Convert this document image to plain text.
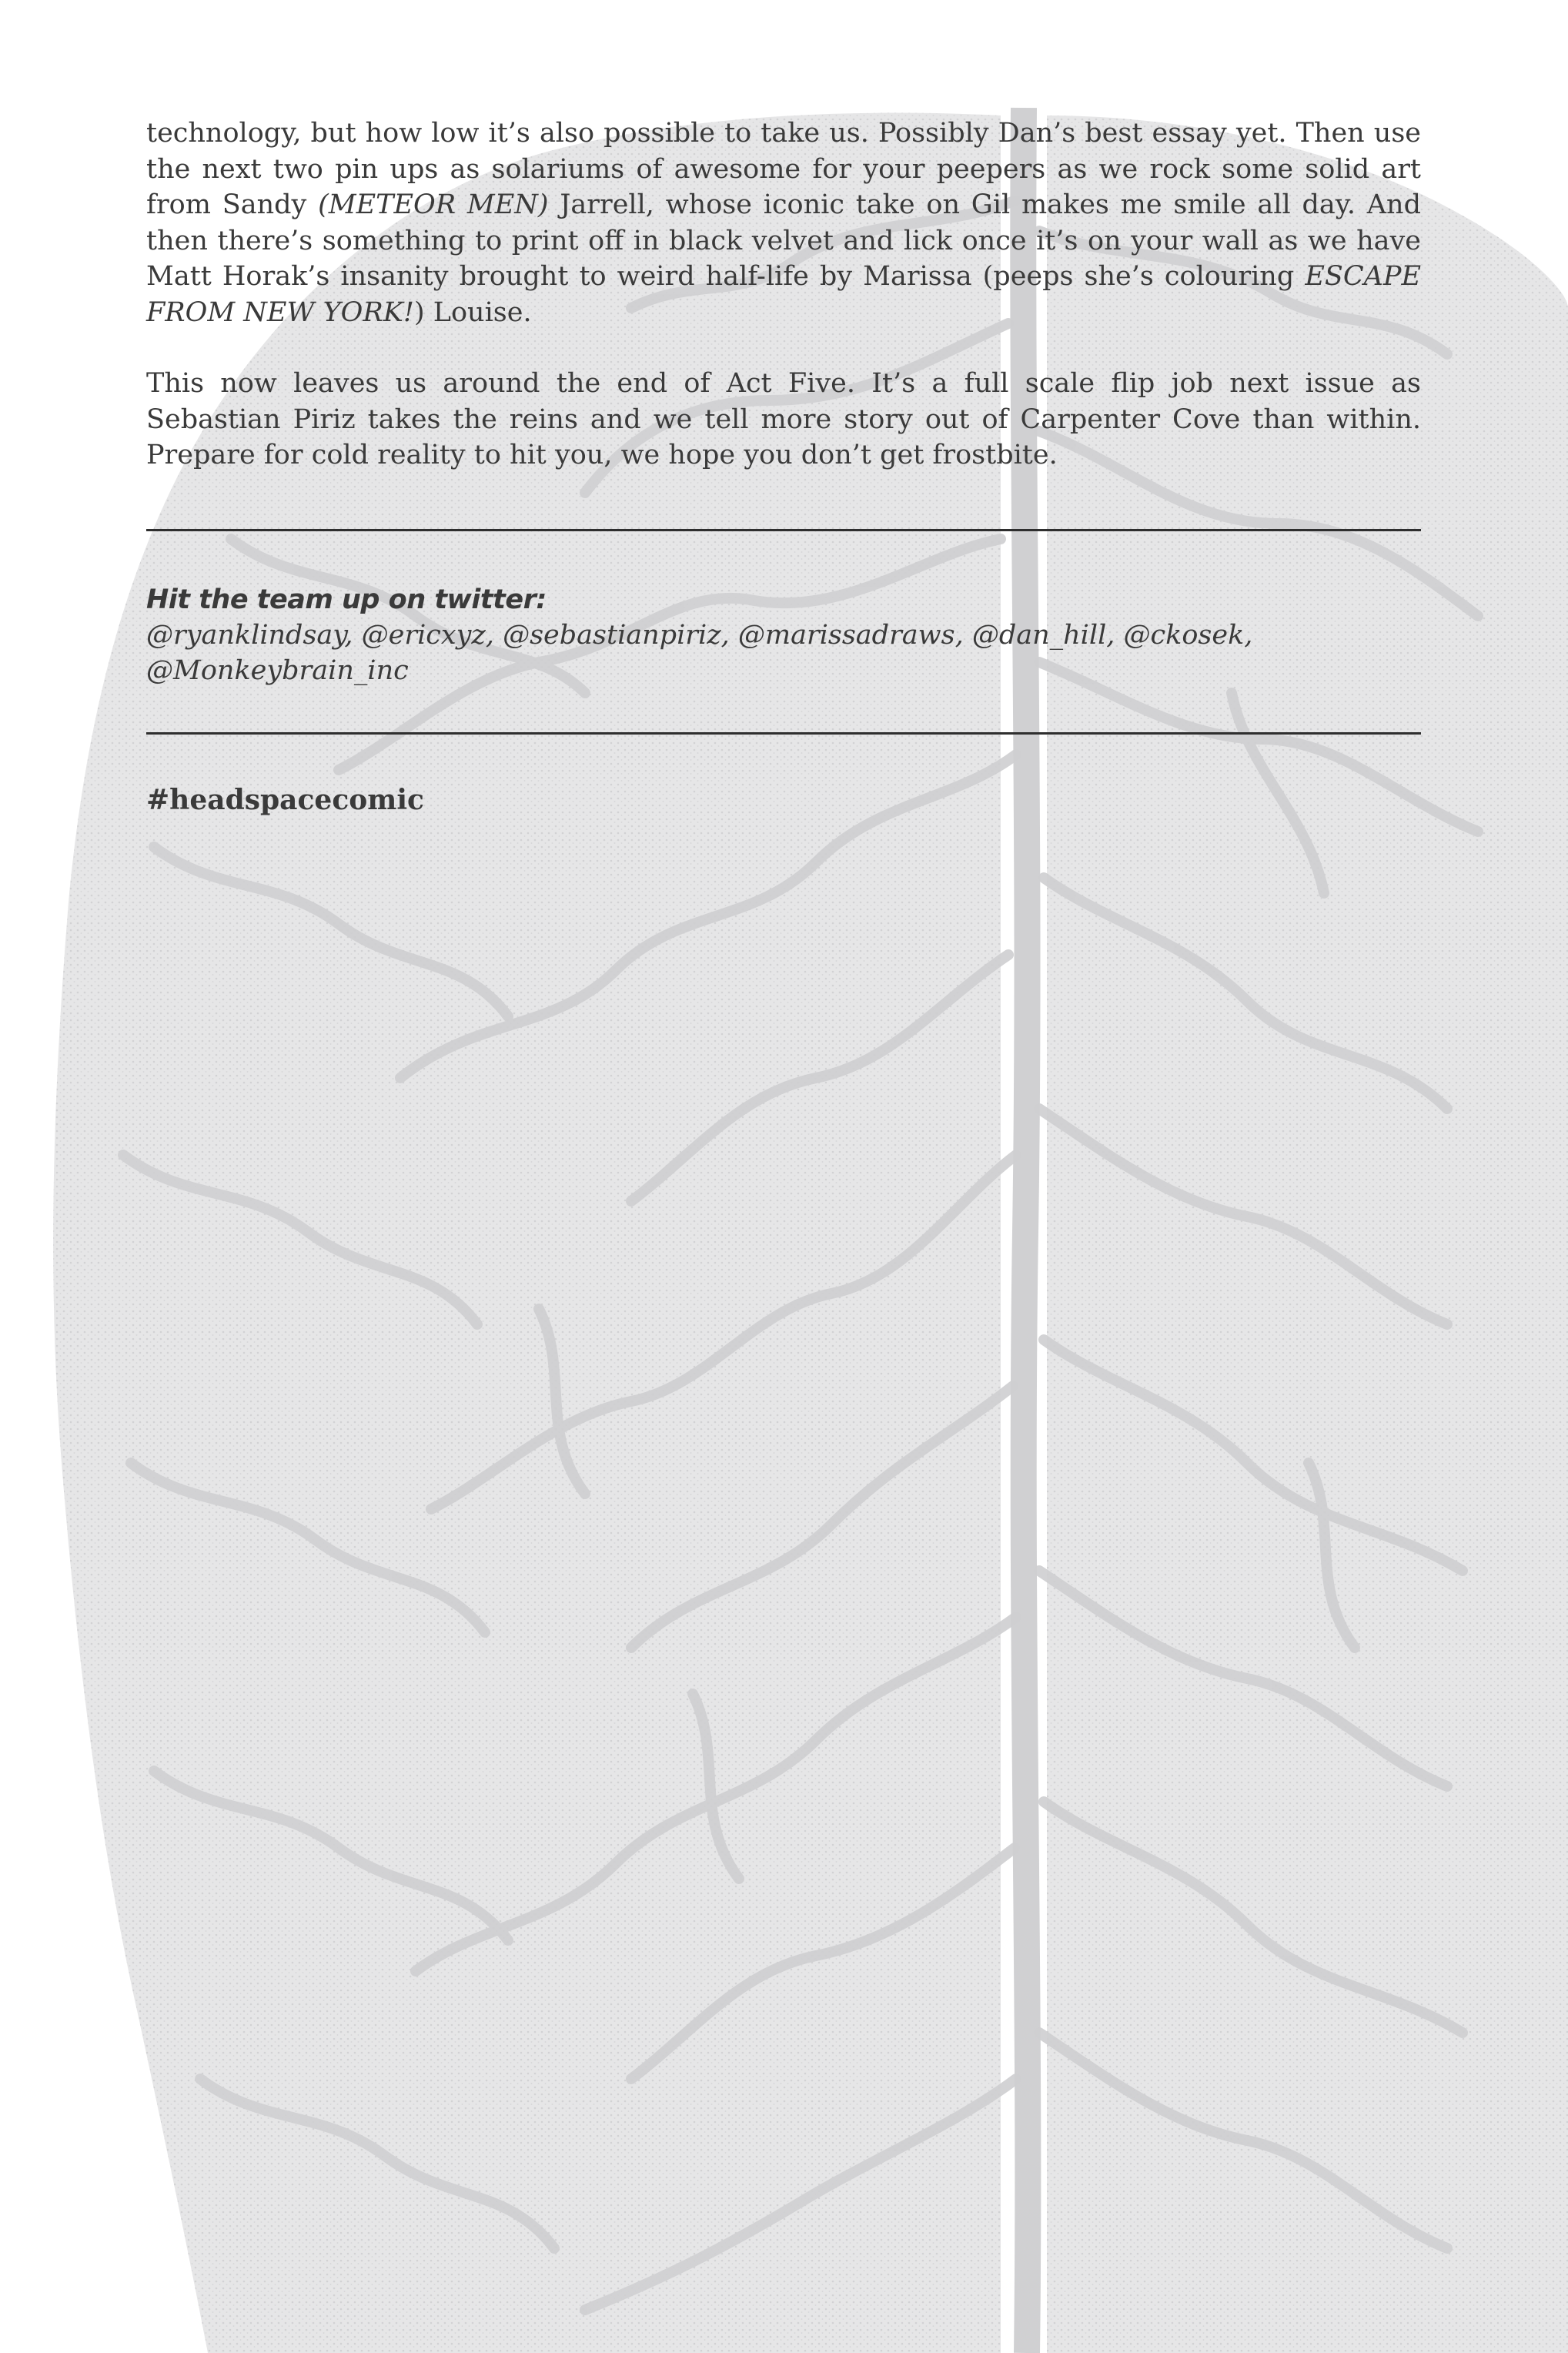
technology, but how low it’s also possible to take us. Possibly Dan’s best essay yet. Then use the next two pin ups as solariums of awesome for your peepers as we rock some solid art from Sandy (METEOR MEN) Jarrell, whose iconic take on Gil makes me smile all day. And then there’s something to print off in black velvet and lick once it’s on your wall as we have Matt Horak’s insanity brought to weird half-life by Marissa (peeps she’s colouring ESCAPE FROM NEW YORK!) Louise.

This now leaves us around the end of Act Five. It’s a full scale flip job next issue as Sebastian Piriz takes the reins and we tell more story out of Carpenter Cove than within. Prepare for cold reality to hit you, we hope you don’t get frostbite.

Hit the team up on twitter:
@ryanklindsay, @ericxyz, @sebastianpiriz, @marissadraws, @dan_hill, @ckosek, @Monkeybrain_inc
#headspacecomic
